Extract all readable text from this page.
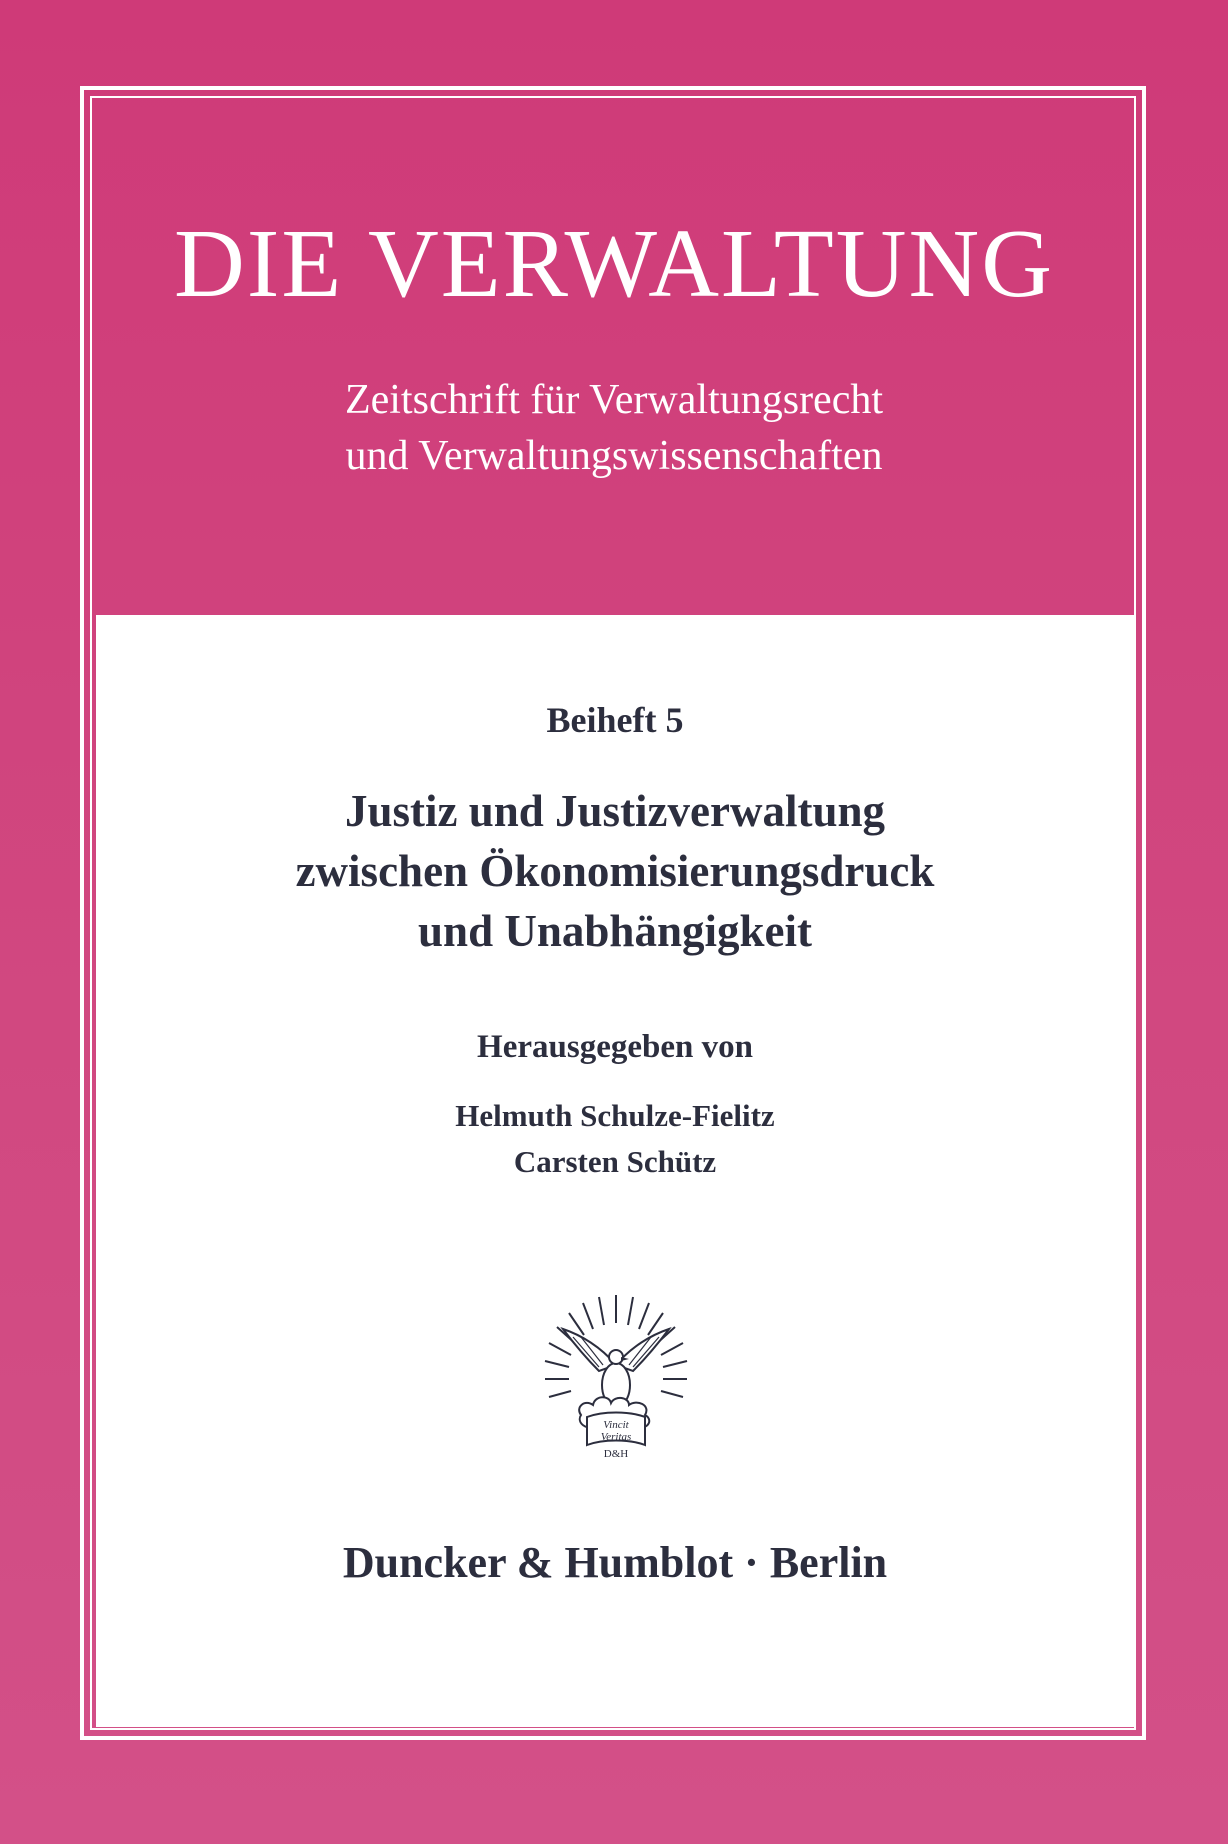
DIE VERWALTUNG
Zeitschrift für Verwaltungsrecht
und Verwaltungswissenschaften
Beiheft 5
Justiz und Justizverwaltung
zwischen Ökonomisierungsdruck
und Unabhängigkeit
Herausgegeben von
Helmuth Schulze-Fielitz
Carsten Schütz
Vincit
Veritas
D&H
Duncker & Humblot · Berlin
